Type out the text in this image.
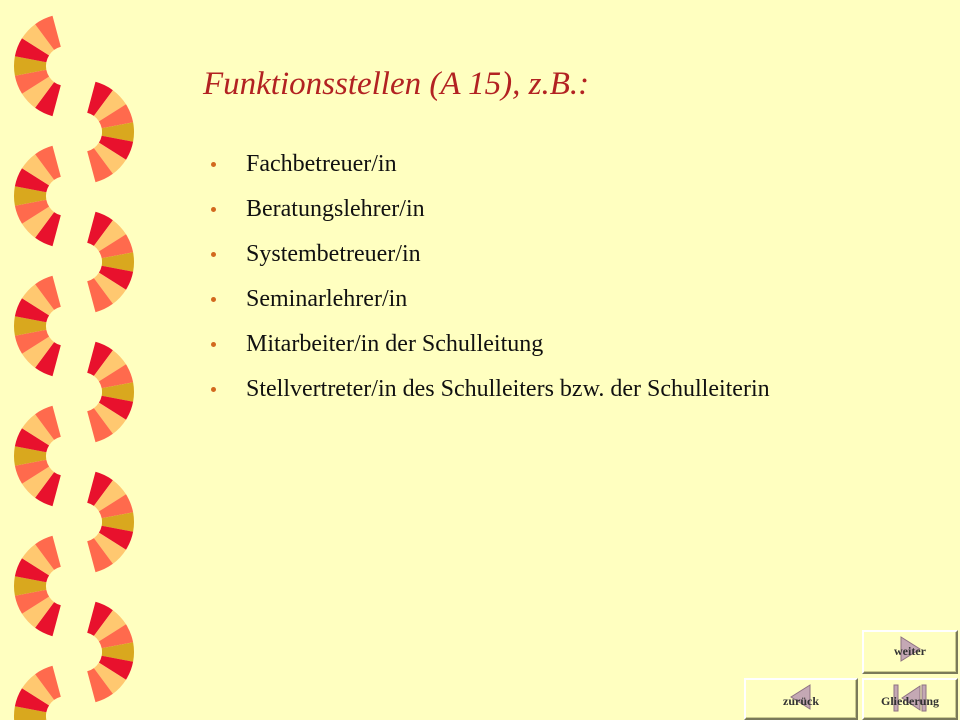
Funktionsstellen (A 15), z.B.:
Fachbetreuer/in
Beratungslehrer/in
Systembetreuer/in
Seminarlehrer/in
Mitarbeiter/in der Schulleitung
Stellvertreter/in des Schulleiters bzw. der Schulleiterin
weiter
zurück	Gliederung
